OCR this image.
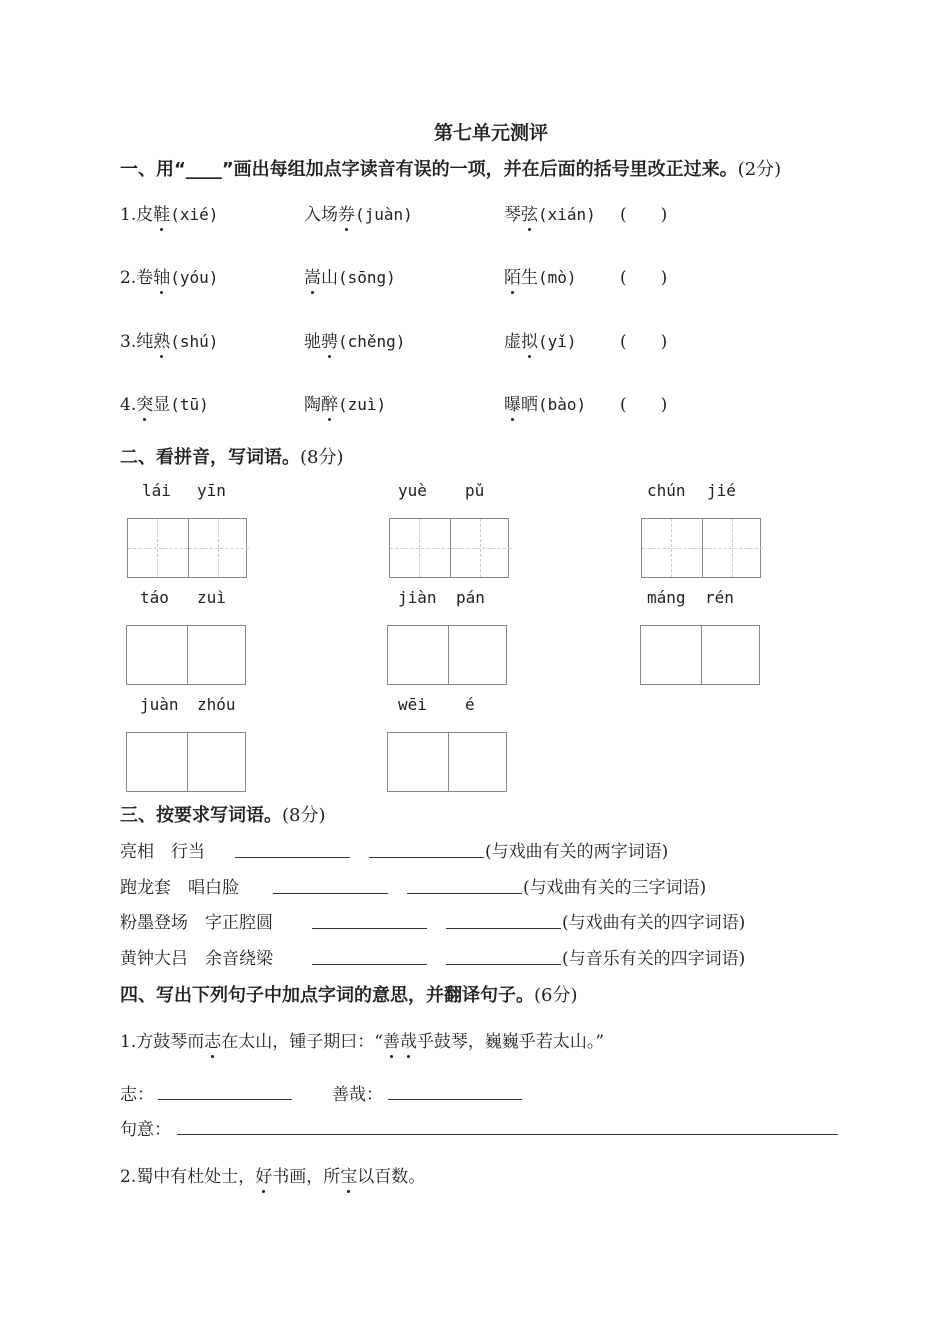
第七单元测评
一、用“____”画出每组加点字读音有误的一项，并在后面的括号里改正过来。(2分)
1.皮鞋(xié)	入场券(juàn)	琴弦(xián) (　　)
2.卷轴(yóu)	嵩山(sōng)	陌生(mò)	(　　)
3.纯熟(shú)	驰骋(chěng)	虚拟(yǐ)	(　　)
4.突显(tū)	陶醉(zuì)	曝晒(bào) (　　)
二、看拼音，写词语。(8分)
lái yīn	yuè pǔ	chún jié
táo zuì	jiàn pán	máng rén
juàn zhóu	wēi é
三、按要求写词语。(8分)
亮相　行当	(与戏曲有关的两字词语)
跑龙套　唱白脸	(与戏曲有关的三字词语)
粉墨登场　字正腔圆	(与戏曲有关的四字词语)
黄钟大吕　余音绕梁	(与音乐有关的四字词语)
四、写出下列句子中加点字词的意思，并翻译句子。(6分)
1.方鼓琴而志在太山，锺子期曰：“善哉乎鼓琴，巍巍乎若太山。”
志：	善哉：
句意：
2.蜀中有杜处士，好书画，所宝以百数。
